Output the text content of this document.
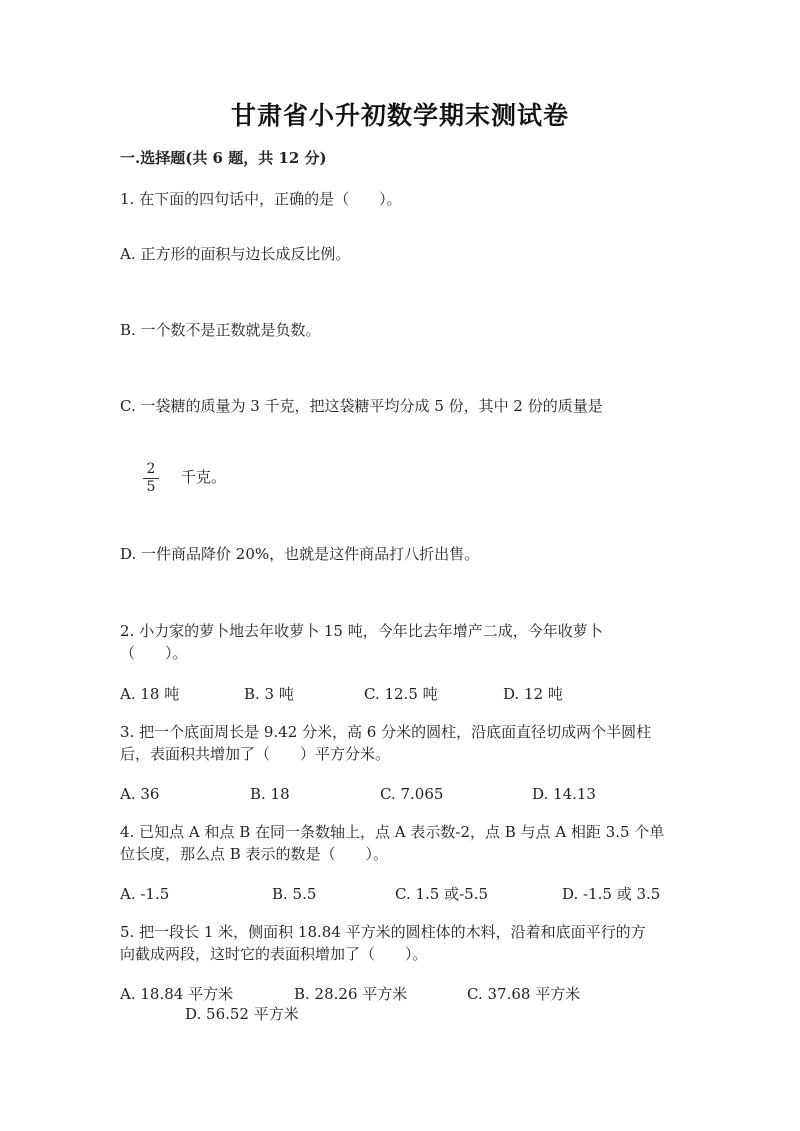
甘肃省小升初数学期末测试卷
一.选择题(共 6 题，共 12 分)
1. 在下面的四句话中，正确的是（　　）。
A. 正方形的面积与边长成反比例。
B. 一个数不是正数就是负数。
C. 一袋糖的质量为 3 千克，把这袋糖平均分成 5 份，其中 2 份的质量是
2
5
千克。
D. 一件商品降价 20%，也就是这件商品打八折出售。
2. 小力家的萝卜地去年收萝卜 15 吨，今年比去年增产二成，今年收萝卜
（　　）。
A. 18 吨	B. 3 吨	C. 12.5 吨	D. 12 吨
3. 把一个底面周长是 9.42 分米，高 6 分米的圆柱，沿底面直径切成两个半圆柱
后，表面积共增加了（　　）平方分米。
A. 36	B. 18	C. 7.065	D. 14.13
4. 已知点 A 和点 B 在同一条数轴上，点 A 表示数-2，点 B 与点 A 相距 3.5 个单
位长度，那么点 B 表示的数是（　　）。
A. -1.5	B. 5.5	C. 1.5 或-5.5	D. -1.5 或 3.5
5. 把一段长 1 米，侧面积 18.84 平方米的圆柱体的木料，沿着和底面平行的方
向截成两段，这时它的表面积增加了（　　）。
A. 18.84 平方米	B. 28.26 平方米	C. 37.68 平方米
D. 56.52 平方米
